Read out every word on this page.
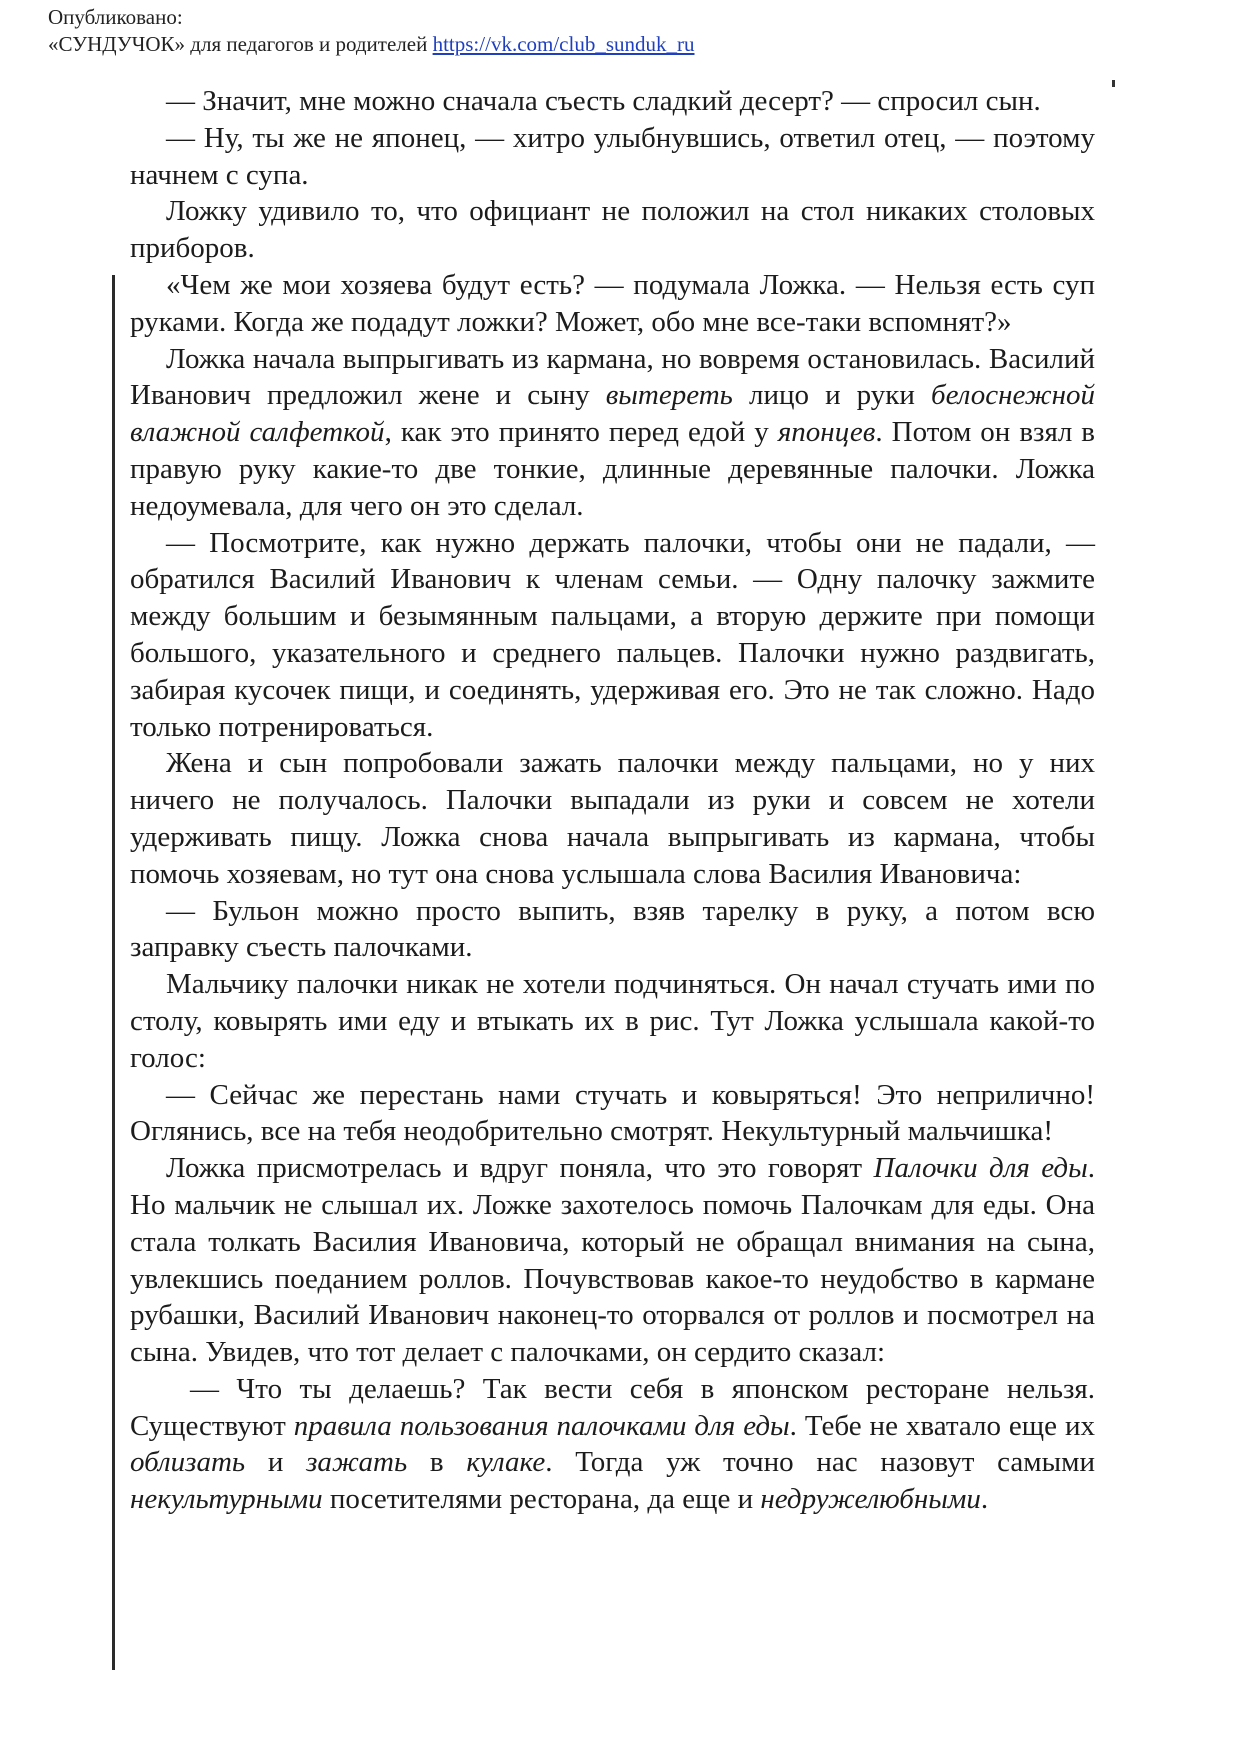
Опубликовано:
«СУНДУЧОК» для педагогов и родителей https://vk.com/club_sunduk_ru

— Значит, мне можно сначала съесть сладкий десерт? — спросил сын.

— Ну, ты же не японец, — хитро улыбнувшись, ответил отец, — поэтому начнем с супа.

Ложку удивило то, что официант не положил на стол никаких столовых приборов.

«Чем же мои хозяева будут есть? — подумала Ложка. — Нельзя есть суп руками. Когда же подадут ложки? Может, обо мне все-таки вспомнят?»

Ложка начала выпрыгивать из кармана, но вовремя остановилась. Василий Иванович предложил жене и сыну вытереть лицо и руки белоснежной влажной салфеткой, как это принято перед едой у японцев. Потом он взял в правую руку какие-то две тонкие, длинные деревянные палочки. Ложка недоумевала, для чего он это сделал.

— Посмотрите, как нужно держать палочки, чтобы они не падали, — обратился Василий Иванович к членам семьи. — Одну палочку зажмите между большим и безымянным пальцами, а вторую держите при помощи большого, указательного и среднего пальцев. Палочки нужно раздвигать, забирая кусочек пищи, и соединять, удерживая его. Это не так сложно. Надо только потренироваться.

Жена и сын попробовали зажать палочки между пальцами, но у них ничего не получалось. Палочки выпадали из руки и совсем не хотели удерживать пищу. Ложка снова начала выпрыгивать из кармана, чтобы помочь хозяевам, но тут она снова услышала слова Василия Ивановича:

— Бульон можно просто выпить, взяв тарелку в руку, а потом всю заправку съесть палочками.

Мальчику палочки никак не хотели подчиняться. Он начал стучать ими по столу, ковырять ими еду и втыкать их в рис. Тут Ложка услышала какой-то голос:

— Сейчас же перестань нами стучать и ковыряться! Это неприлично! Оглянись, все на тебя неодобрительно смотрят. Некультурный мальчишка!

Ложка присмотрелась и вдруг поняла, что это говорят Палочки для еды. Но мальчик не слышал их. Ложке захотелось помочь Палочкам для еды. Она стала толкать Василия Ивановича, который не обращал внимания на сына, увлекшись поеданием роллов. Почувствовав какое-то неудобство в кармане рубашки, Василий Иванович наконец-то оторвался от роллов и посмотрел на сына. Увидев, что тот делает с палочками, он сердито сказал:

— Что ты делаешь? Так вести себя в японском ресторане нельзя. Существуют правила пользования палочками для еды. Тебе не хватало еще их облизать и зажать в кулаке. Тогда уж точно нас назовут самыми некультурными посетителями ресторана, да еще и недружелюбными.
